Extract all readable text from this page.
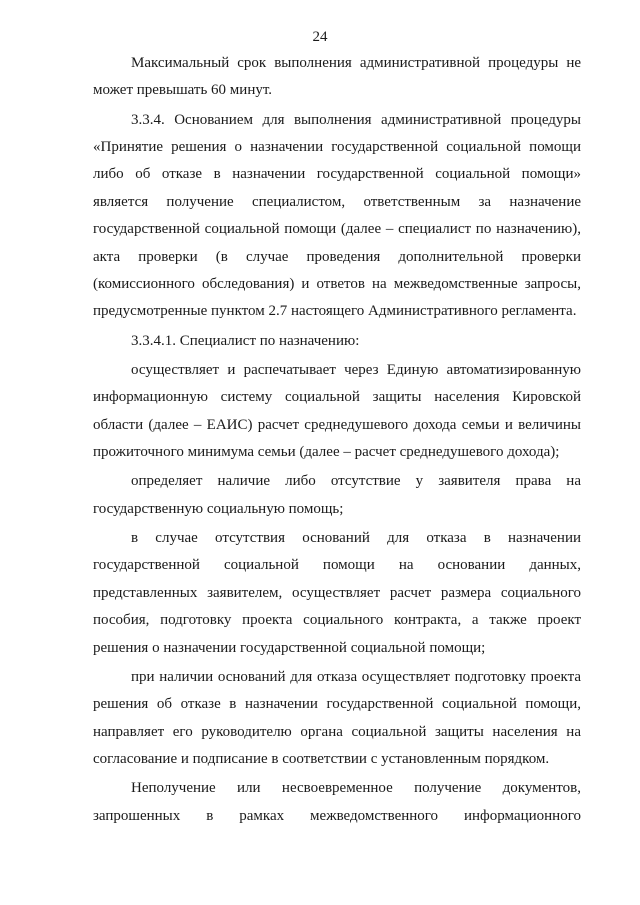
24

Максимальный срок выполнения административной процедуры не может превышать 60 минут.

3.3.4. Основанием для выполнения административной процедуры «Принятие решения о назначении государственной социальной помощи либо об отказе в назначении государственной социальной помощи» является получение специалистом, ответственным за назначение государственной социальной помощи (далее – специалист по назначению), акта проверки (в случае проведения дополнительной проверки (комиссионного обследования) и ответов на межведомственные запросы, предусмотренные пунктом 2.7 настоящего Административного регламента.

3.3.4.1. Специалист по назначению:

осуществляет и распечатывает через Единую автоматизированную информационную систему социальной защиты населения Кировской области (далее – ЕАИС) расчет среднедушевого дохода семьи и величины прожиточного минимума семьи (далее – расчет среднедушевого дохода);

определяет наличие либо отсутствие у заявителя права на государственную социальную помощь;

в случае отсутствия оснований для отказа в назначении государственной социальной помощи на основании данных, представленных заявителем, осуществляет расчет размера социального пособия, подготовку проекта социального контракта, а также проект решения о назначении государственной социальной помощи;

при наличии оснований для отказа осуществляет подготовку проекта решения об отказе в назначении государственной социальной помощи, направляет его руководителю органа социальной защиты населения на согласование и подписание в соответствии с установленным порядком.

Неполучение или несвоевременное получение документов, запрошенных в рамках межведомственного информационного
